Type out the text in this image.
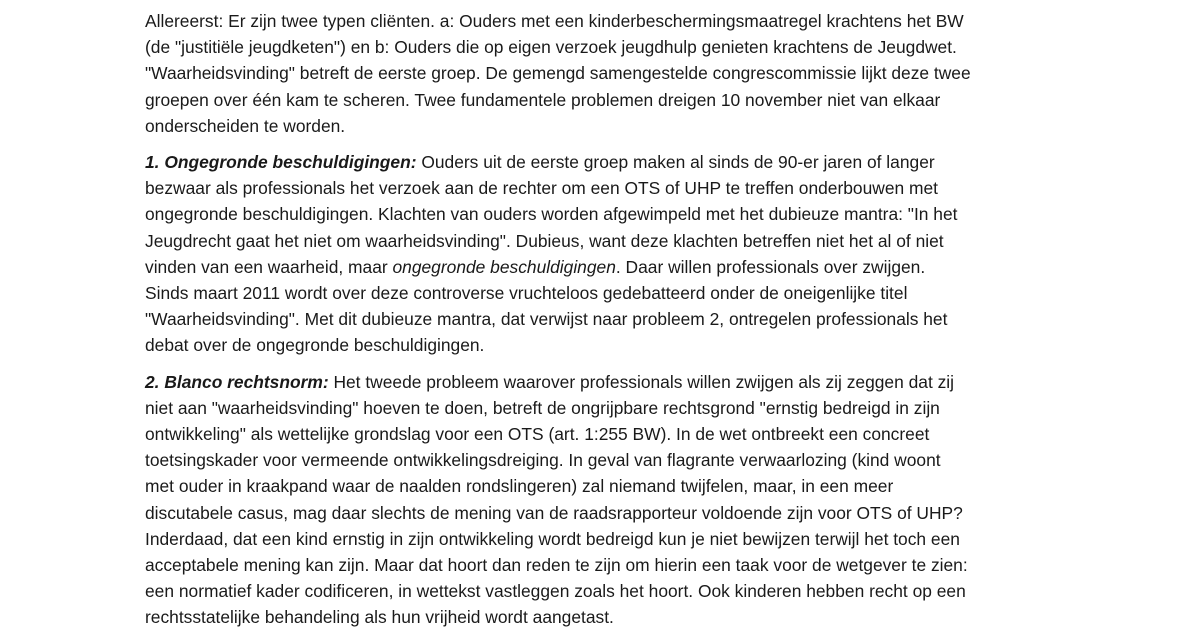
Allereerst: Er zijn twee typen cliënten. a: Ouders met een kinderbeschermingsmaatregel krachtens het BW
(de "justitiële jeugdketen") en b: Ouders die op eigen verzoek jeugdhulp genieten krachtens de Jeugdwet.
"Waarheidsvinding" betreft de eerste groep. De gemengd samengestelde congrescommissie lijkt deze twee
groepen over één kam te scheren. Twee fundamentele problemen dreigen 10 november niet van elkaar
onderscheiden te worden.

1. Ongegronde beschuldigingen: Ouders uit de eerste groep maken al sinds de 90-er jaren of langer
bezwaar als professionals het verzoek aan de rechter om een OTS of UHP te treffen onderbouwen met
ongegronde beschuldigingen. Klachten van ouders worden afgewimpeld met het dubieuze mantra: "In het
Jeugdrecht gaat het niet om waarheidsvinding". Dubieus, want deze klachten betreffen niet het al of niet
vinden van een waarheid, maar ongegronde beschuldigingen. Daar willen professionals over zwijgen.
Sinds maart 2011 wordt over deze controverse vruchteloos gedebatteerd onder de oneigenlijke titel
"Waarheidsvinding". Met dit dubieuze mantra, dat verwijst naar probleem 2, ontregelen professionals het
debat over de ongegronde beschuldigingen.

2. Blanco rechtsnorm: Het tweede probleem waarover professionals willen zwijgen als zij zeggen dat zij
niet aan "waarheidsvinding" hoeven te doen, betreft de ongrijpbare rechtsgrond "ernstig bedreigd in zijn
ontwikkeling" als wettelijke grondslag voor een OTS (art. 1:255 BW). In de wet ontbreekt een concreet
toetsingskader voor vermeende ontwikkelingsdreiging. In geval van flagrante verwaarlozing (kind woont
met ouder in kraakpand waar de naalden rondslingeren) zal niemand twijfelen, maar, in een meer
discutabele casus, mag daar slechts de mening van de raadsrapporteur voldoende zijn voor OTS of UHP?
Inderdaad, dat een kind ernstig in zijn ontwikkeling wordt bedreigd kun je niet bewijzen terwijl het toch een
acceptabele mening kan zijn. Maar dat hoort dan reden te zijn om hierin een taak voor de wetgever te zien:
een normatief kader codificeren, in wettekst vastleggen zoals het hoort. Ook kinderen hebben recht op een
rechtsstatelijke behandeling als hun vrijheid wordt aangetast.
